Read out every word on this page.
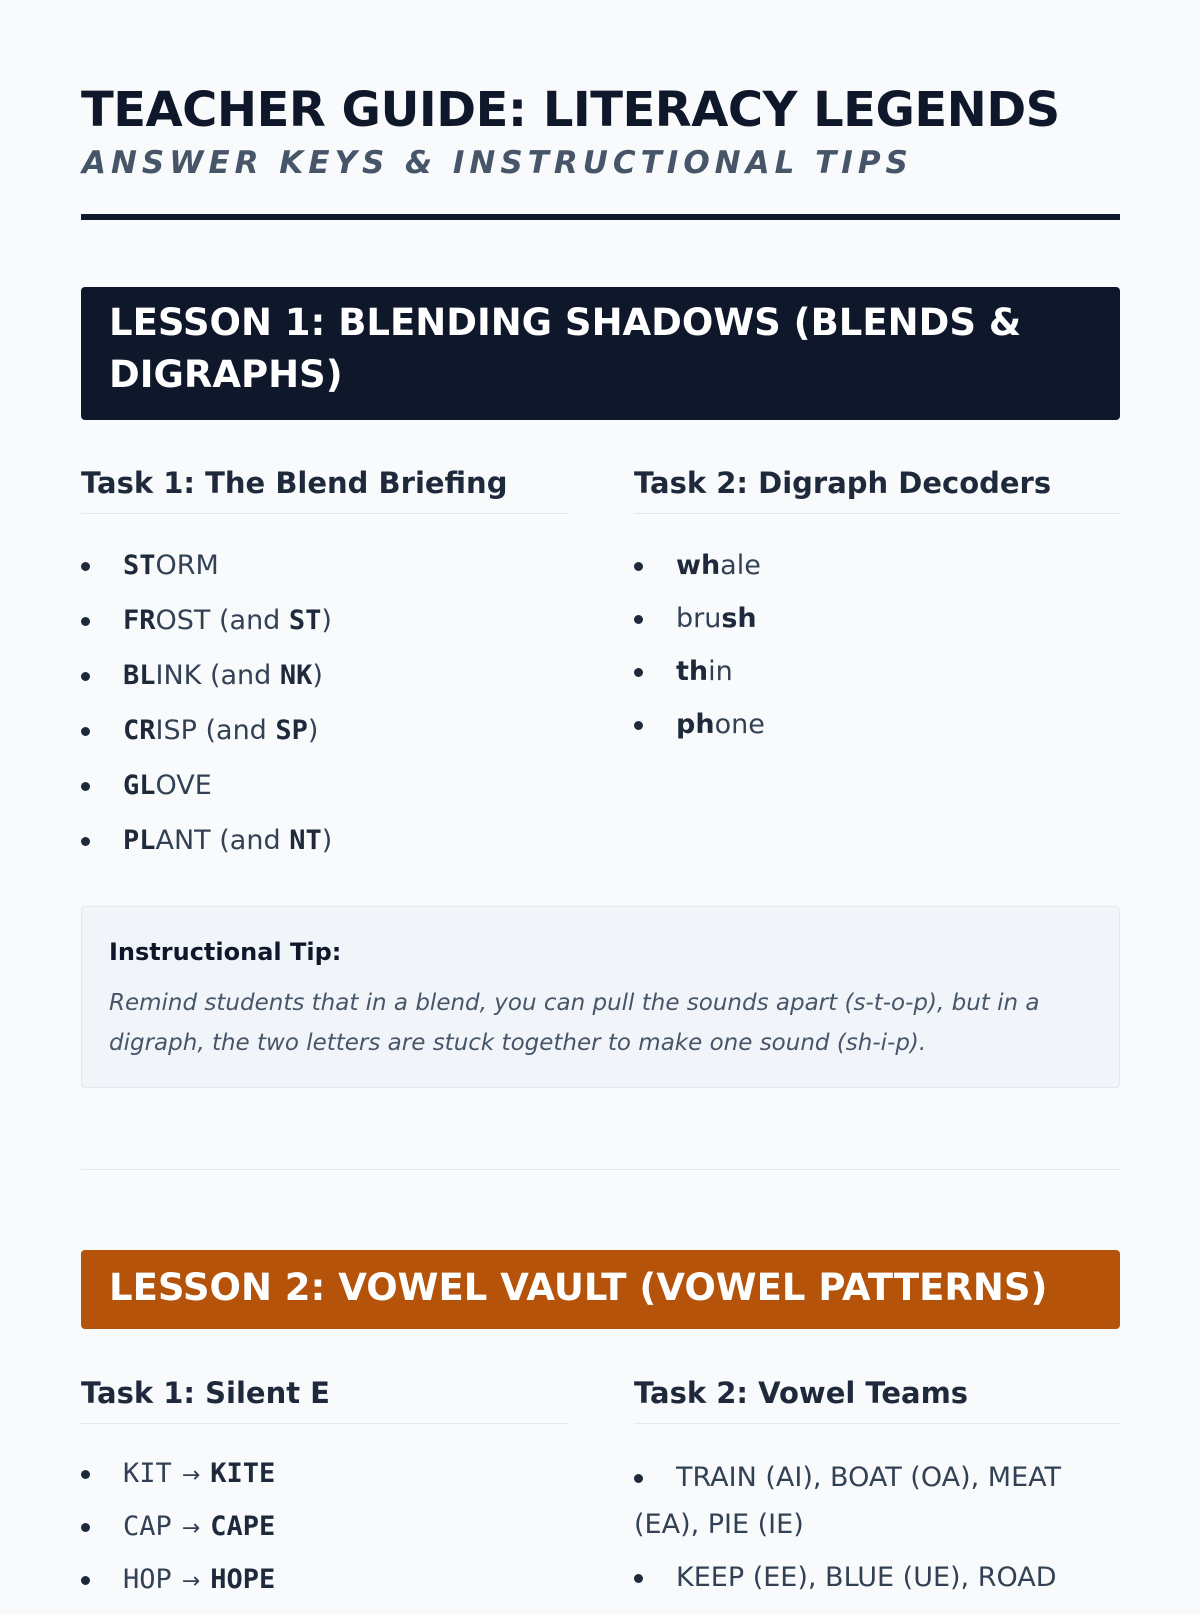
TEACHER GUIDE: LITERACY LEGENDS
ANSWER KEYS & INSTRUCTIONAL TIPS
LESSON 1: BLENDING SHADOWS (BLENDS & DIGRAPHS)
Task 1: The Blend Briefing	Task 2: Digraph Decoders
STORM
FROST (and ST)
BLINK (and NK)
CRISP (and SP)
GLOVE
PLANT (and NT)
whale
brush
thin
phone
Instructional Tip:
Remind students that in a blend, you can pull the sounds apart (s-t-o-p), but in a digraph, the two letters are stuck together to make one sound (sh-i-p).
LESSON 2: VOWEL VAULT (VOWEL PATTERNS)
Task 1: Silent E	Task 2: Vowel Teams
KIT → KITE
CAP → CAPE
HOP → HOPE
TRAIN (AI), BOAT (OA), MEAT (EA), PIE (IE)
KEEP (EE), BLUE (UE), ROAD
